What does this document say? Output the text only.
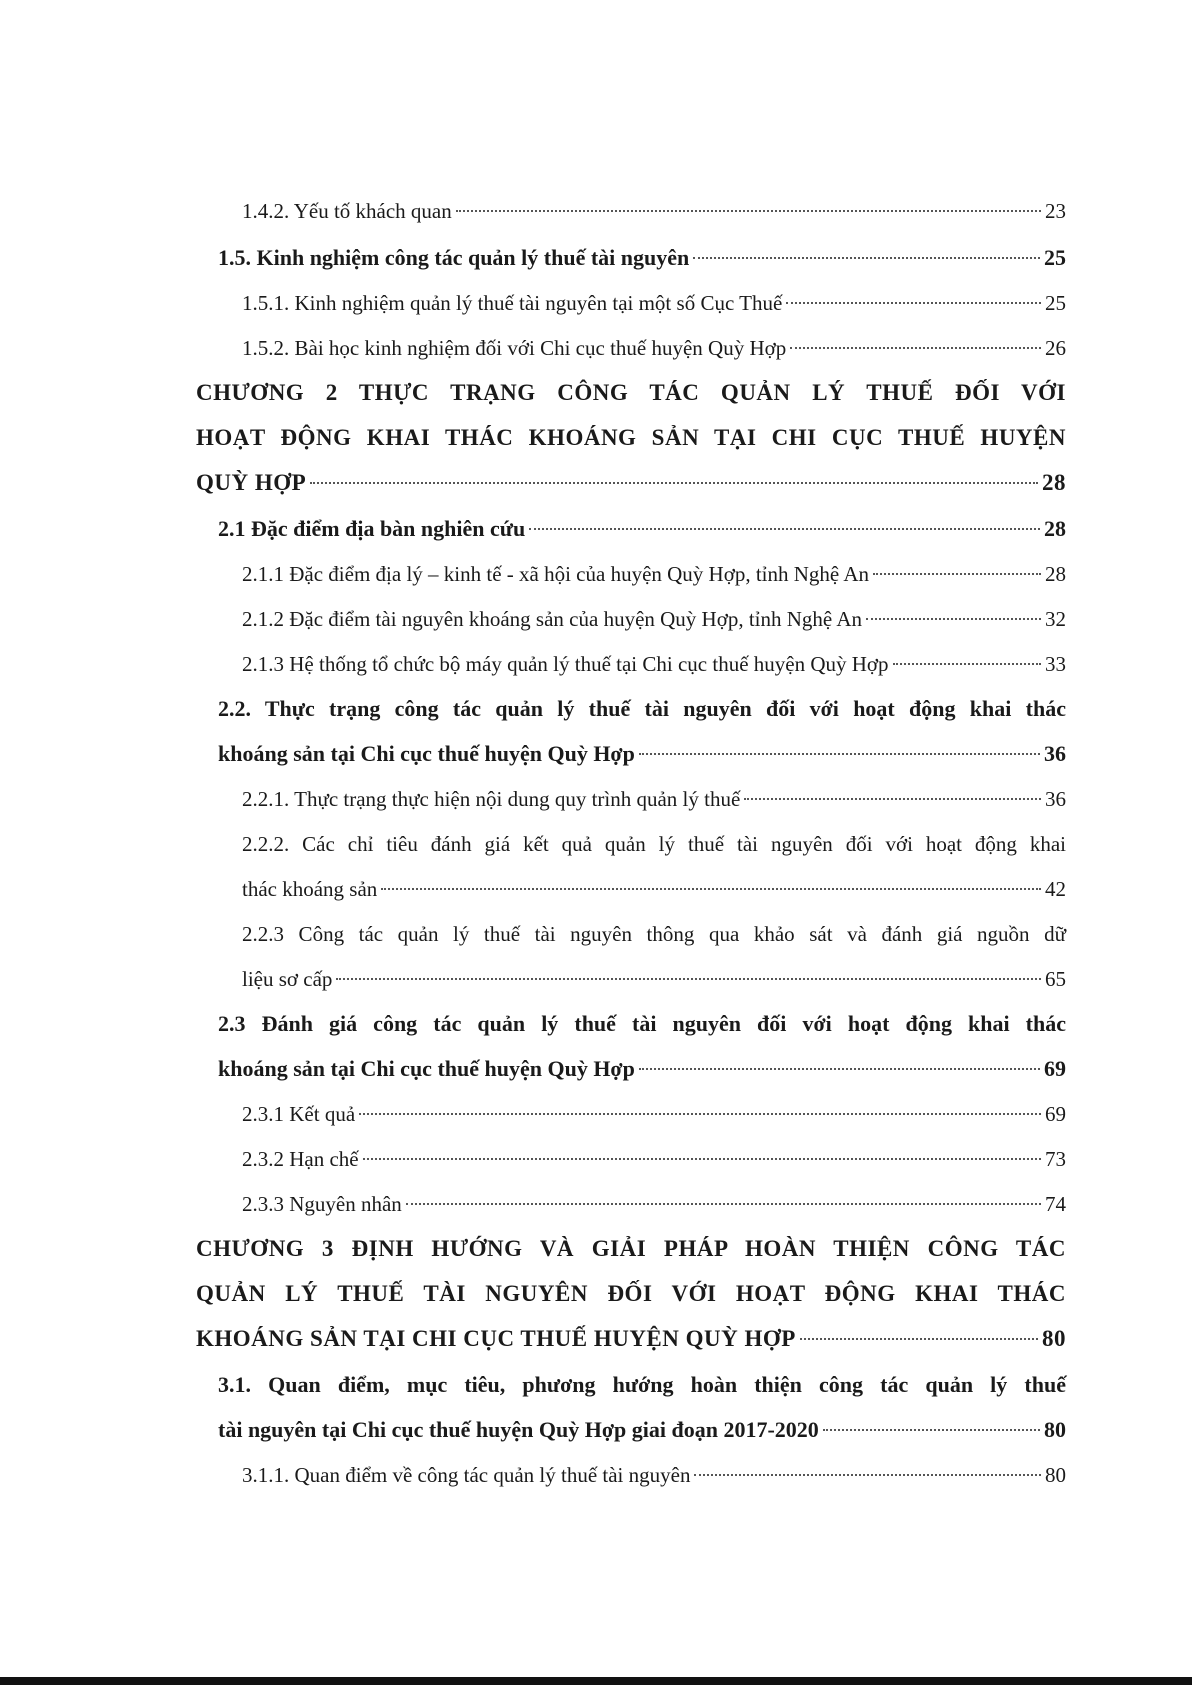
1.4.2. Yếu tố khách quan	23
1.5. Kinh nghiệm công tác quản lý thuế tài nguyên	25
1.5.1. Kinh nghiệm quản lý thuế tài nguyên tại một số Cục Thuế	25
1.5.2. Bài học kinh nghiệm đối với Chi cục thuế huyện Quỳ Hợp	26
CHƯƠNG 2 THỰC TRẠNG CÔNG TÁC QUẢN LÝ THUẾ ĐỐI VỚI
HOẠT ĐỘNG KHAI THÁC KHOÁNG SẢN TẠI CHI CỤC THUẾ HUYỆN
QUỲ HỢP	28
2.1 Đặc điểm địa bàn nghiên cứu	28
2.1.1 Đặc điểm địa lý – kinh tế - xã hội của huyện Quỳ Hợp, tỉnh Nghệ An	28
2.1.2 Đặc điểm tài nguyên khoáng sản của huyện Quỳ Hợp, tỉnh Nghệ An	32
2.1.3 Hệ thống tổ chức bộ máy quản lý thuế tại Chi cục thuế huyện Quỳ Hợp	33
2.2. Thực trạng công tác quản lý thuế tài nguyên đối với hoạt động khai thác
khoáng sản tại Chi cục thuế huyện Quỳ Hợp	36
2.2.1. Thực trạng thực hiện nội dung quy trình quản lý thuế	36
2.2.2. Các chỉ tiêu đánh giá kết quả quản lý thuế tài nguyên đối với hoạt động khai
thác khoáng sản	42
2.2.3 Công tác quản lý thuế tài nguyên thông qua khảo sát và đánh giá nguồn dữ
liệu sơ cấp	65
2.3 Đánh giá công tác quản lý thuế tài nguyên đối với hoạt động khai thác
khoáng sản tại Chi cục thuế huyện Quỳ Hợp	69
2.3.1 Kết quả	69
2.3.2 Hạn chế	73
2.3.3 Nguyên nhân	74
CHƯƠNG 3 ĐỊNH HƯỚNG VÀ GIẢI PHÁP HOÀN THIỆN CÔNG TÁC
QUẢN LÝ THUẾ TÀI NGUYÊN ĐỐI VỚI HOẠT ĐỘNG KHAI THÁC
KHOÁNG SẢN TẠI CHI CỤC THUẾ HUYỆN QUỲ HỢP	80
3.1. Quan điểm, mục tiêu, phương hướng hoàn thiện công tác quản lý thuế
tài nguyên tại Chi cục thuế huyện Quỳ Hợp giai đoạn 2017-2020	80
3.1.1. Quan điểm về công tác quản lý thuế tài nguyên	80
